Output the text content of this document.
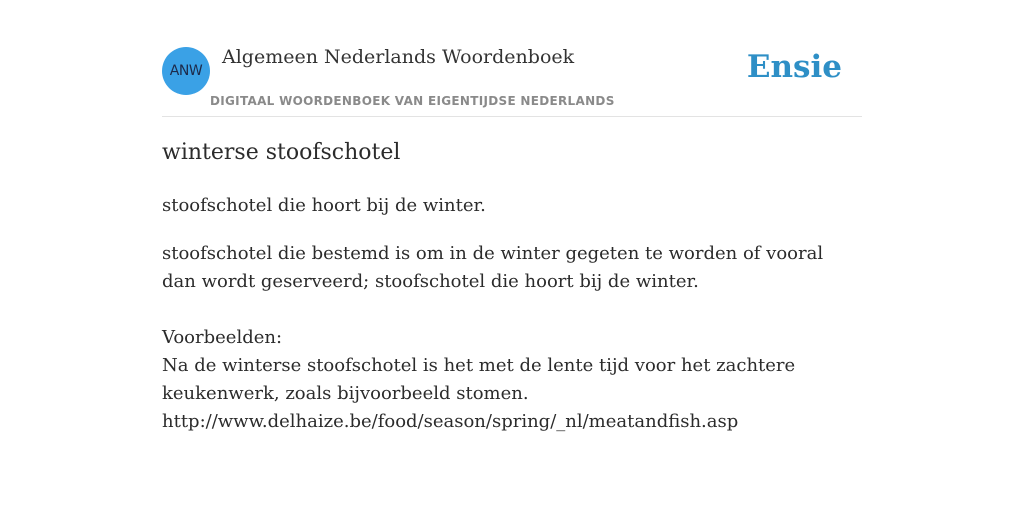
ANW
Algemeen Nederlands Woordenboek
DIGITAAL WOORDENBOEK VAN EIGENTIJDSE NEDERLANDS
Ensie
winterse stoofschotel

stoofschotel die hoort bij de winter.

stoofschotel die bestemd is om in de winter gegeten te worden of vooral dan wordt geserveerd; stoofschotel die hoort bij de winter.

Voorbeelden:

Na de winterse stoofschotel is het met de lente tijd voor het zachtere keukenwerk, zoals bijvoorbeeld stomen.

http://www.delhaize.be/food/season/spring/_nl/meatandfish.asp
